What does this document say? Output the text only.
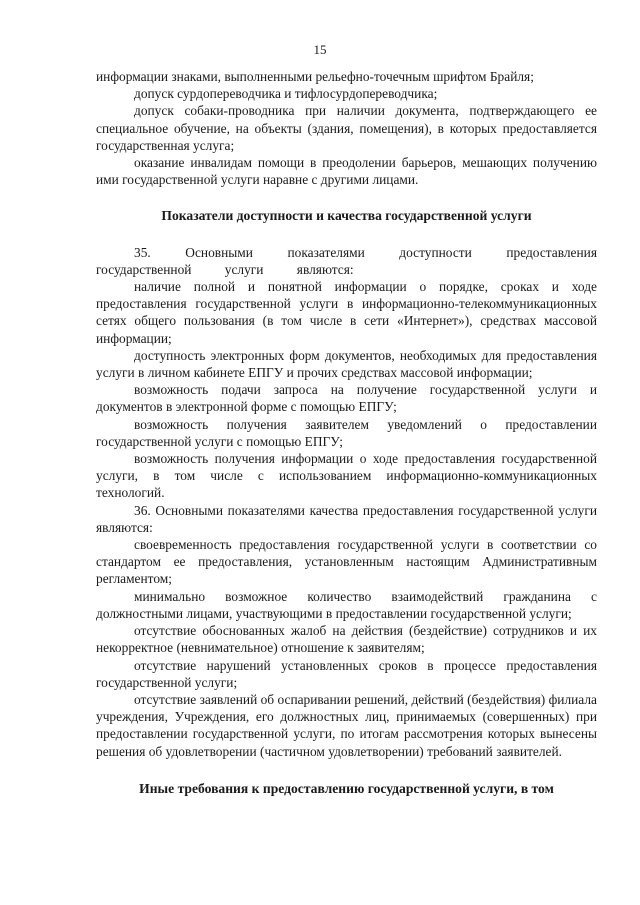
15

информации знаками, выполненными рельефно-точечным шрифтом Брайля;

допуск сурдопереводчика и тифлосурдопереводчика;

допуск собаки-проводника при наличии документа, подтверждающего ее специальное обучение, на объекты (здания, помещения), в которых предоставляется государственная услуга;

оказание инвалидам помощи в преодолении барьеров, мешающих получению ими государственной услуги наравне с другими лицами.

Показатели доступности и качества государственной услуги

35. Основными показателями доступности предоставления государственной услуги являются:

наличие полной и понятной информации о порядке, сроках и ходе предоставления государственной услуги в информационно-телекоммуникационных сетях общего пользования (в том числе в сети «Интернет»), средствах массовой информации;

доступность электронных форм документов, необходимых для предоставления услуги в личном кабинете ЕПГУ и прочих средствах массовой информации;

возможность подачи запроса на получение государственной услуги и документов в электронной форме с помощью ЕПГУ;

возможность получения заявителем уведомлений о предоставлении государственной услуги с помощью ЕПГУ;

возможность получения информации о ходе предоставления государственной услуги, в том числе с использованием информационно-коммуникационных технологий.

36. Основными показателями качества предоставления государственной услуги являются:

своевременность предоставления государственной услуги в соответствии со стандартом ее предоставления, установленным настоящим Административным регламентом;

минимально возможное количество взаимодействий гражданина с должностными лицами, участвующими в предоставлении государственной услуги;

отсутствие обоснованных жалоб на действия (бездействие) сотрудников и их некорректное (невнимательное) отношение к заявителям;

отсутствие нарушений установленных сроков в процессе предоставления государственной услуги;

отсутствие заявлений об оспаривании решений, действий (бездействия) филиала учреждения, Учреждения, его должностных лиц, принимаемых (совершенных) при предоставлении государственной услуги, по итогам рассмотрения которых вынесены решения об удовлетворении (частичном удовлетворении) требований заявителей.

Иные требования к предоставлению государственной услуги, в том
